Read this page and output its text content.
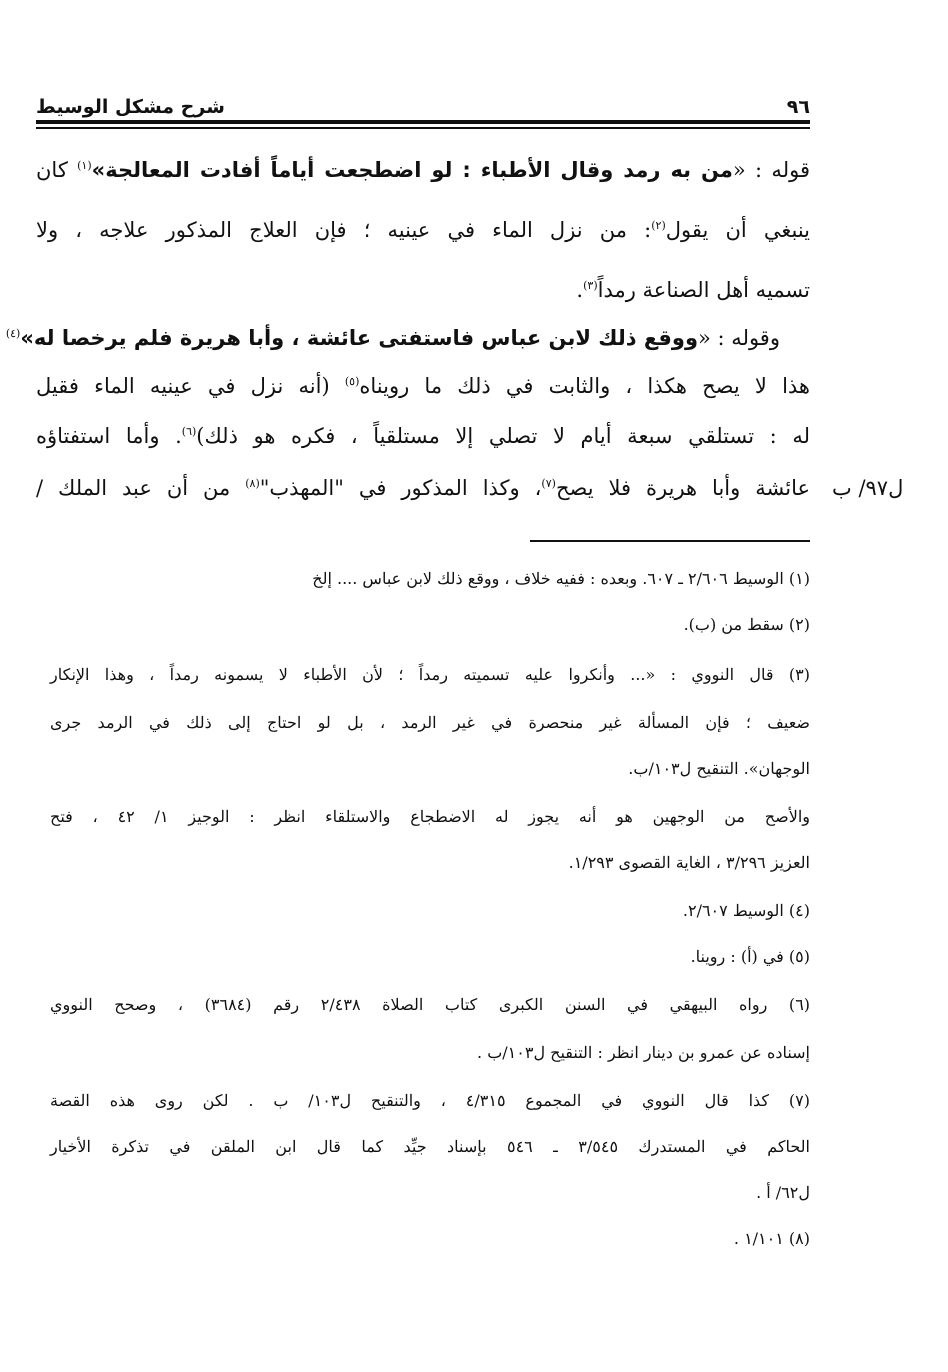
٩٦
شرح مشكل الوسيط
قوله : «من به رمد وقال الأطباء : لو اضطجعت أياماً أفادت المعالجة»$^{(١)}$ كان
ينبغي أن يقول$^{(٢)}$: من نزل الماء في عينيه ؛ فإن العلاج المذكور علاجه ، ولا
تسميه أهل الصناعة رمداً$^{(٣)}$.
وقوله : «ووقع ذلك لابن عباس فاستفتى عائشة ، وأبا هريرة فلم يرخصا له»$^{(٤)}$
هذا لا يصح هكذا ، والثابت في ذلك ما رويناه$^{(٥)}$ (أنه نزل في عينيه الماء فقيل
له : تستلقي سبعة أيام لا تصلي إلا مستلقياً ، فكره هو ذلك)$^{(٦)}$. وأما استفتاؤه
عائشة وأبا هريرة فلا يصح$^{(٧)}$، وكذا المذكور في "المهذب"$^{(٨)}$ من أن عبد الملك /	ل٩٧/ ب
(١) الوسيط ٢/٦٠٦ ـ ٦٠٧. وبعده : ففيه خلاف ، ووقع ذلك لابن عباس .... إلخ
(٢) سقط من (ب).
(٣) قال النووي : «... وأنكروا عليه تسميته رمداً ؛ لأن الأطباء لا يسمونه رمداً ، وهذا الإنكار
ضعيف ؛ فإن المسألة غير منحصرة في غير الرمد ، بل لو احتاج إلى ذلك في الرمد جرى
الوجهان». التنقيح ل١٠٣/ب.
والأصح من الوجهين هو أنه يجوز له الاضطجاع والاستلقاء انظر : الوجيز ١/ ٤٢ ، فتح
العزيز ٣/٢٩٦ ، الغاية القصوى ١/٢٩٣.
(٤) الوسيط ٢/٦٠٧.
(٥) في (أ) : روينا.
(٦) رواه البيهقي في السنن الكبرى كتاب الصلاة ٢/٤٣٨ رقم (٣٦٨٤) ، وصحح النووي
إسناده عن عمرو بن دينار انظر : التنقيح ل١٠٣/ب .
(٧) كذا قال النووي في المجموع ٤/٣١٥ ، والتنقيح ل١٠٣/ ب . لكن روى هذه القصة
الحاكم في المستدرك ٣/٥٤٥ ـ ٥٤٦ بإسناد جيِّد كما قال ابن الملقن في تذكرة الأخيار
ل٦٢/ أ .
(٨) ١/١٠١ .
